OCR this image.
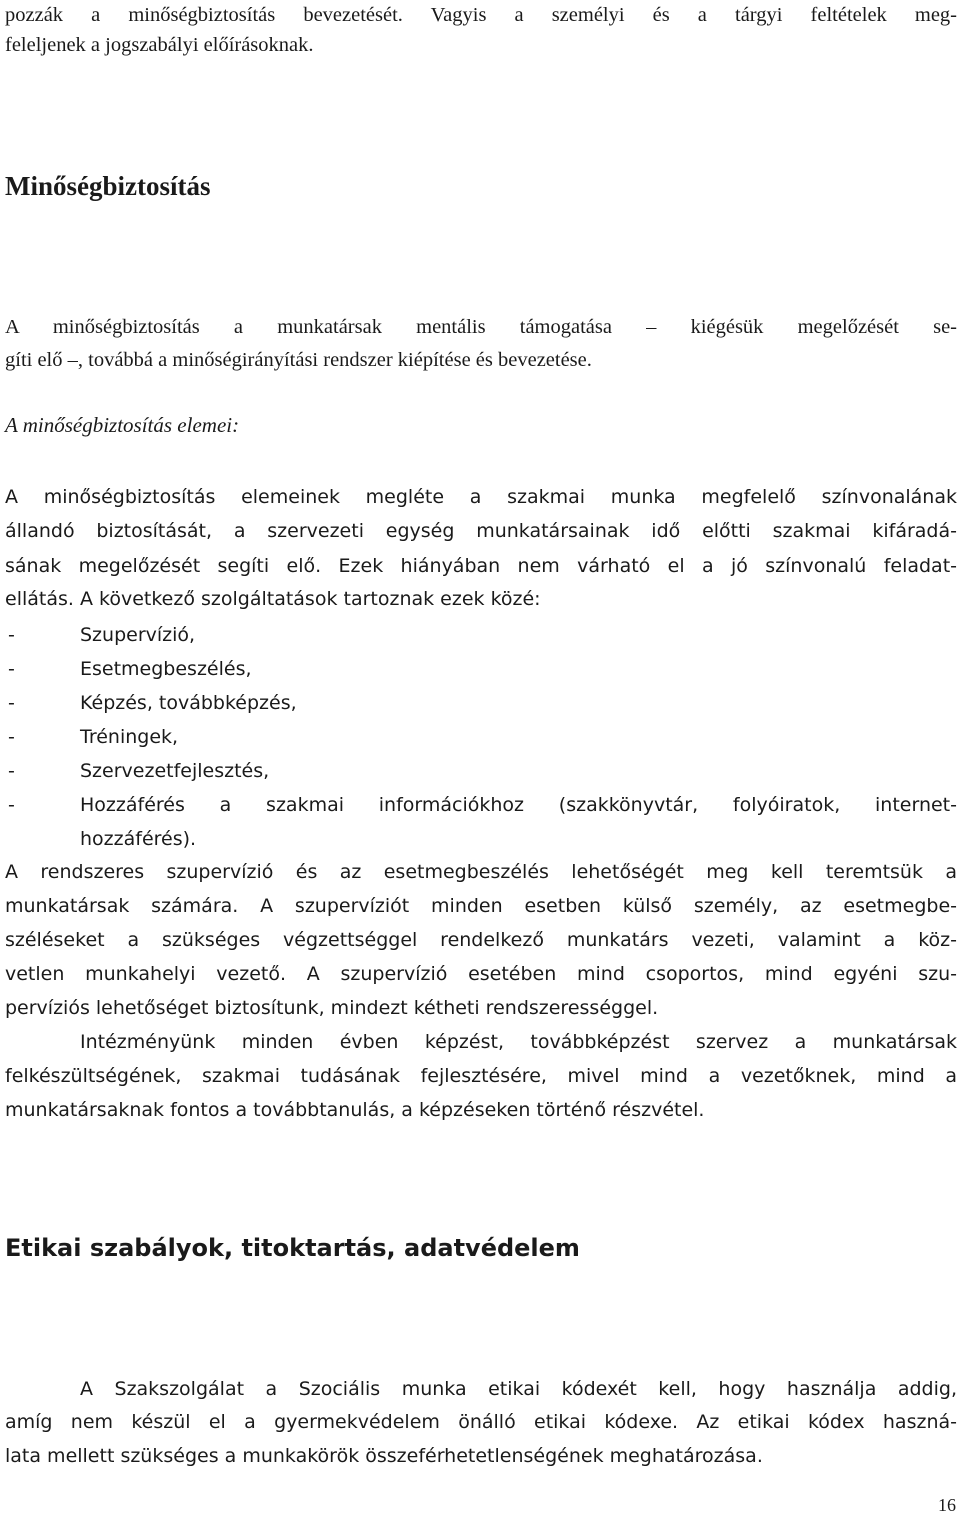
pozzák a minőségbiztosítás bevezetését. Vagyis a személyi és a tárgyi feltételek meg-
feleljenek a jogszabályi előírásoknak.
Minőségbiztosítás
A minőségbiztosítás a munkatársak mentális támogatása – kiégésük megelőzését se-
gíti elő –, továbbá a minőségirányítási rendszer kiépítése és bevezetése.
A minőségbiztosítás elemei:
A minőségbiztosítás elemeinek megléte a szakmai munka megfelelő színvonalának
állandó biztosítását, a szervezeti egység munkatársainak idő előtti szakmai kifáradá-
sának megelőzését segíti elő. Ezek hiányában nem várható el a jó színvonalú feladat-
ellátás. A következő szolgáltatások tartoznak ezek közé:
-	Szupervízió,
-	Esetmegbeszélés,
-	Képzés, továbbképzés,
-	Tréningek,
-	Szervezetfejlesztés,
-	Hozzáférés a szakmai információkhoz (szakkönyvtár, folyóiratok, internet-
hozzáférés).
A rendszeres szupervízió és az esetmegbeszélés lehetőségét meg kell teremtsük a
munkatársak számára. A szupervíziót minden esetben külső személy, az esetmegbe-
széléseket a szükséges végzettséggel rendelkező munkatárs vezeti, valamint a köz-
vetlen munkahelyi vezető. A szupervízió esetében mind csoportos, mind egyéni szu-
pervíziós lehetőséget biztosítunk, mindezt kétheti rendszerességgel.
Intézményünk minden évben képzést, továbbképzést szervez a munkatársak
felkészültségének, szakmai tudásának fejlesztésére, mivel mind a vezetőknek, mind a
munkatársaknak fontos a továbbtanulás, a képzéseken történő részvétel.
Etikai szabályok, titoktartás, adatvédelem
A Szakszolgálat a Szociális munka etikai kódexét kell, hogy használja addig,
amíg nem készül el a gyermekvédelem önálló etikai kódexe. Az etikai kódex haszná-
lata mellett szükséges a munkakörök összeférhetetlenségének meghatározása.
16
